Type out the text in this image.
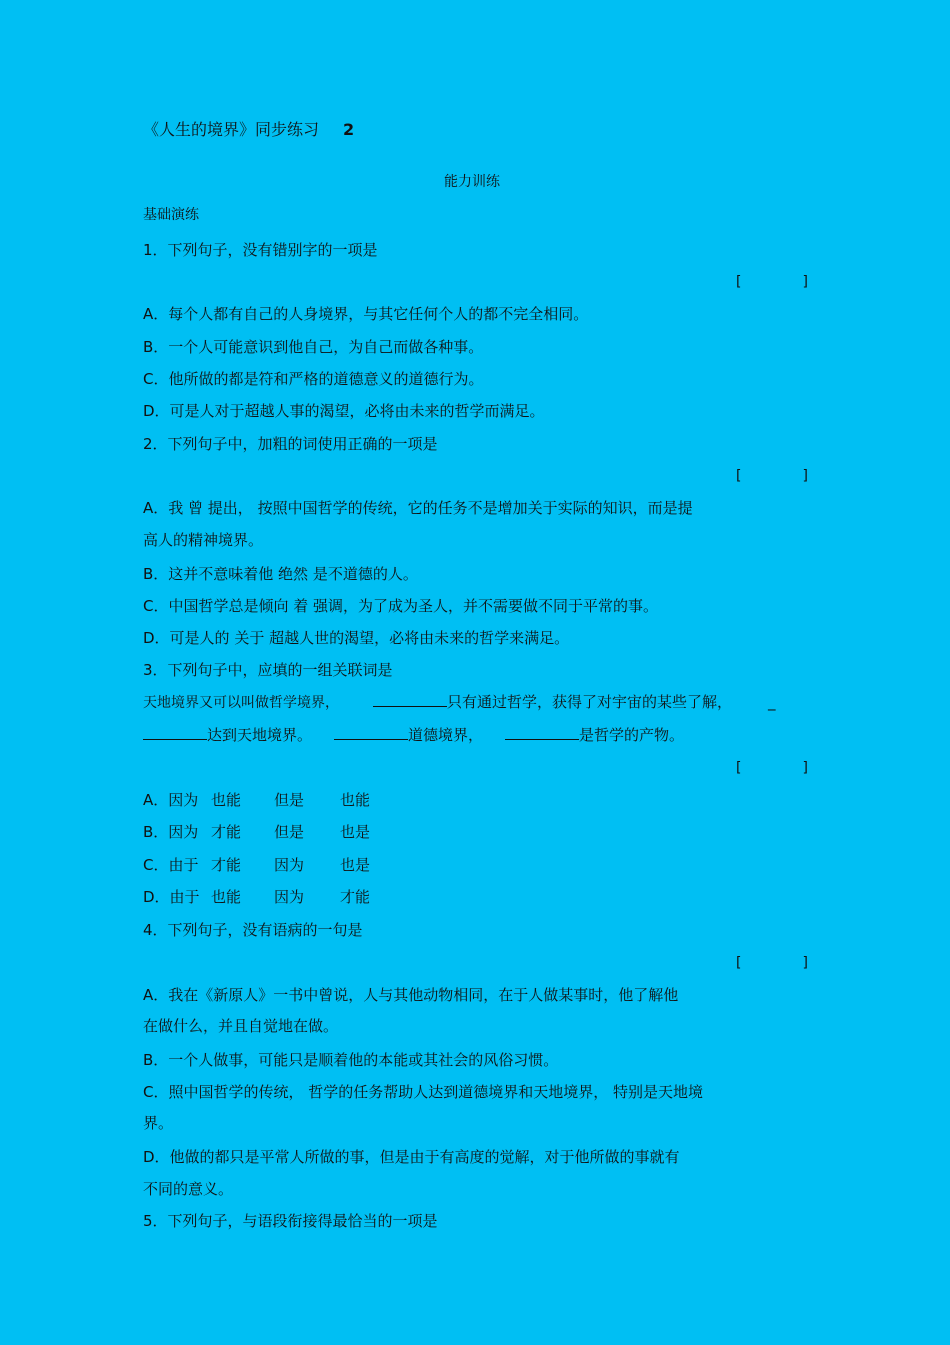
《人生的境界》同步练习 2
能力训练
基础演练
1．下列句子，没有错别字的一项是
[	]
A．每个人都有自己的人身境界，与其它任何个人的都不完全相同。
B．一个人可能意识到他自己，为自己而做各种事。
C．他所做的都是符和严格的道德意义的道德行为。
D．可是人对于超越人事的渴望，必将由未来的哲学而满足。
2．下列句子中，加粗的词使用正确的一项是
[	]
A．我 曾 提出， 按照中国哲学的传统，它的任务不是增加关于实际的知识，而是提
高人的精神境界。
B．这并不意味着他 绝然 是不道德的人。
C．中国哲学总是倾向 着 强调，为了成为圣人，并不需要做不同于平常的事。
D．可是人的 关于 超越人世的渴望，必将由未来的哲学来满足。
3．下列句子中，应填的一组关联词是
天地境界又可以叫做哲学境界，	只有通过哲学，获得了对宇宙的某些了解， _
达到天地境界。	道德境界，	是哲学的产物。
[	]
A．因为 也能 但是 也能
B．因为 才能 但是 也是
C．由于 才能 因为 也是
D．由于 也能 因为 才能
4．下列句子，没有语病的一句是
[	]
A．我在《新原人》一书中曾说，人与其他动物相同，在于人做某事时，他了解他
在做什么，并且自觉地在做。
B．一个人做事，可能只是顺着他的本能或其社会的风俗习惯。
C．照中国哲学的传统， 哲学的任务帮助人达到道德境界和天地境界， 特别是天地境
界。
D．他做的都只是平常人所做的事，但是由于有高度的觉解，对于他所做的事就有
不同的意义。
5．下列句子，与语段衔接得最恰当的一项是
